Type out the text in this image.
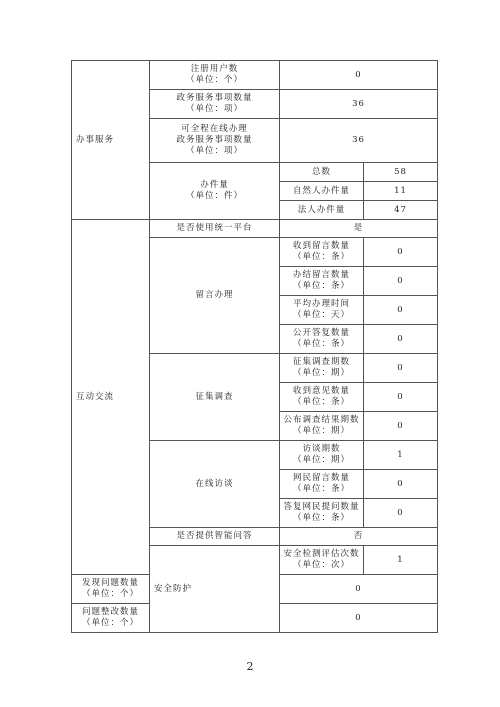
办事服务	注册用户数
（单位：个）	0	

	政务服务事项数量
（单位：项）	36	

	可全程在线办理
政务服务事项数量
（单位：项）	36	

	办件量
（单位：件）	总数	58
		自然人办件量	11
		法人办件量	47
互动交流	是否使用统一平台	是	
	留言办理	收到留言数量
（单位：条）	0

		办结留言数量
（单位：条）	0

		平均办理时间
（单位：天）	0

		公开答复数量
（单位：条）	0
	征集调查	征集调查期数
（单位：期）	0

		收到意见数量
（单位：条）	0

		公布调查结果期数
（单位：期）	0
	在线访谈	访谈期数
（单位：期）	1

		网民留言数量
（单位：条）	0

		答复网民提问数量
（单位：条）	0
	是否提供智能问答	否	
	安全防护	安全检测评估次数
（单位：次）	1

发现问题数量
（单位：个）		0	

问题整改数量
（单位：个）		0	
2
